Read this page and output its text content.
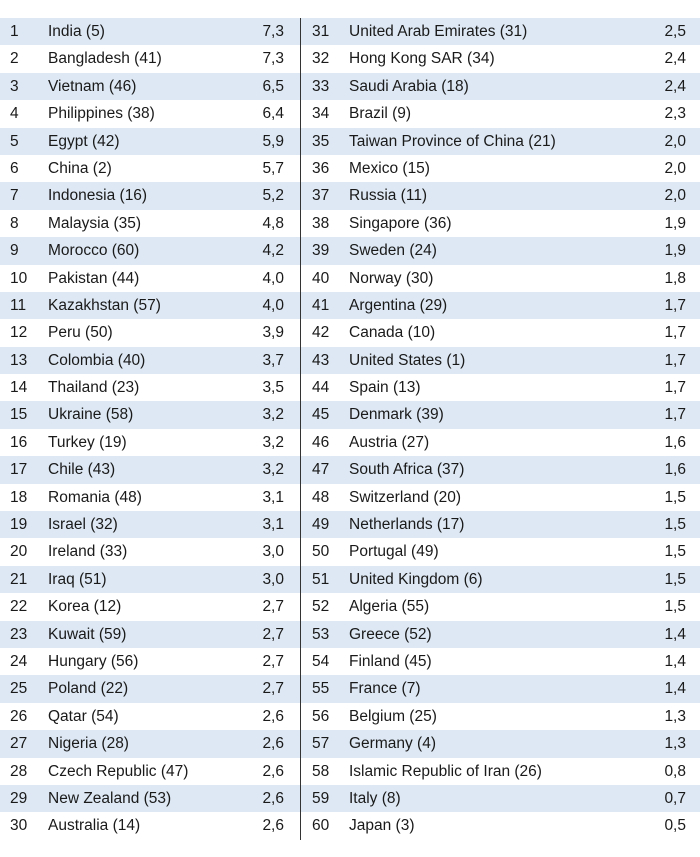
1 India (5)	7,3
2 Bangladesh (41)	7,3
3 Vietnam (46)	6,5
4 Philippines (38)	6,4
5 Egypt (42)	5,9
6 China (2)	5,7
7 Indonesia (16)	5,2
8 Malaysia (35)	4,8
9 Morocco (60)	4,2
10 Pakistan (44)	4,0
11 Kazakhstan (57)	4,0
12 Peru (50)	3,9
13 Colombia (40)	3,7
14 Thailand (23)	3,5
15 Ukraine (58)	3,2
16 Turkey (19)	3,2
17 Chile (43)	3,2
18 Romania (48)	3,1
19 Israel (32)	3,1
20 Ireland (33)	3,0
21 Iraq (51)	3,0
22 Korea (12)	2,7
23 Kuwait (59)	2,7
24 Hungary (56)	2,7
25 Poland (22)	2,7
26 Qatar (54)	2,6
27 Nigeria (28)	2,6
28 Czech Republic (47)	2,6
29 New Zealand (53)	2,6
30 Australia (14)	2,6
31 United Arab Emirates (31)	2,5
32 Hong Kong SAR (34)	2,4
33 Saudi Arabia (18)	2,4
34 Brazil (9)	2,3
35 Taiwan Province of China (21)	2,0
36 Mexico (15)	2,0
37 Russia (11)	2,0
38 Singapore (36)	1,9
39 Sweden (24)	1,9
40 Norway (30)	1,8
41 Argentina (29)	1,7
42 Canada (10)	1,7
43 United States (1)	1,7
44 Spain (13)	1,7
45 Denmark (39)	1,7
46 Austria (27)	1,6
47 South Africa (37)	1,6
48 Switzerland (20)	1,5
49 Netherlands (17)	1,5
50 Portugal (49)	1,5
51 United Kingdom (6)	1,5
52 Algeria (55)	1,5
53 Greece (52)	1,4
54 Finland (45)	1,4
55 France (7)	1,4
56 Belgium (25)	1,3
57 Germany (4)	1,3
58 Islamic Republic of Iran (26)	0,8
59 Italy (8)	0,7
60 Japan (3)	0,5
